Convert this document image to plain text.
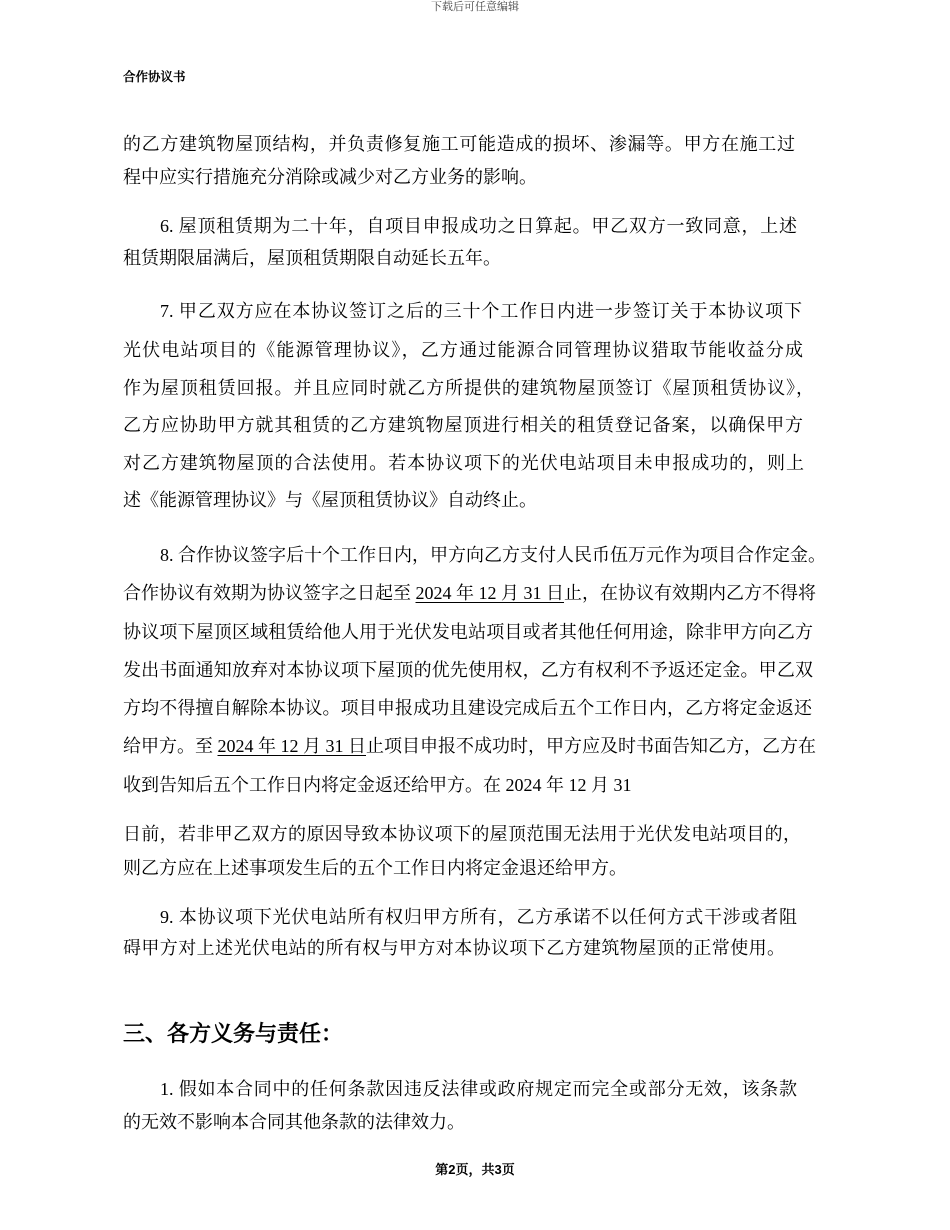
下载后可任意编辑
合作协议书
的乙方建筑物屋顶结构，并负责修复施工可能造成的损坏、渗漏等。甲方在施工过
程中应实行措施充分消除或减少对乙方业务的影响。
6. 屋顶租赁期为二十年，自项目申报成功之日算起。甲乙双方一致同意，上述
租赁期限届满后，屋顶租赁期限自动延长五年。
7. 甲乙双方应在本协议签订之后的三十个工作日内进一步签订关于本协议项下
光伏电站项目的《能源管理协议》，乙方通过能源合同管理协议猎取节能收益分成
作为屋顶租赁回报。并且应同时就乙方所提供的建筑物屋顶签订《屋顶租赁协议》，
乙方应协助甲方就其租赁的乙方建筑物屋顶进行相关的租赁登记备案，以确保甲方
对乙方建筑物屋顶的合法使用。若本协议项下的光伏电站项目未申报成功的，则上
述《能源管理协议》与《屋顶租赁协议》自动终止。
8. 合作协议签字后十个工作日内，甲方向乙方支付人民币伍万元作为项目合作定金。
合作协议有效期为协议签字之日起至 2024 年 12 月 31 日止，在协议有效期内乙方不得将
协议项下屋顶区域租赁给他人用于光伏发电站项目或者其他任何用途，除非甲方向乙方
发出书面通知放弃对本协议项下屋顶的优先使用权，乙方有权利不予返还定金。甲乙双
方均不得擅自解除本协议。项目申报成功且建设完成后五个工作日内，乙方将定金返还
给甲方。至 2024 年 12 月 31 日止项目申报不成功时，甲方应及时书面告知乙方，乙方在
收到告知后五个工作日内将定金返还给甲方。在 2024 年 12 月 31
日前，若非甲乙双方的原因导致本协议项下的屋顶范围无法用于光伏发电站项目的，
则乙方应在上述事项发生后的五个工作日内将定金退还给甲方。
9. 本协议项下光伏电站所有权归甲方所有，乙方承诺不以任何方式干涉或者阻
碍甲方对上述光伏电站的所有权与甲方对本协议项下乙方建筑物屋顶的正常使用。
三、各方义务与责任：
1. 假如本合同中的任何条款因违反法律或政府规定而完全或部分无效，该条款
的无效不影响本合同其他条款的法律效力。
第2页，共3页
